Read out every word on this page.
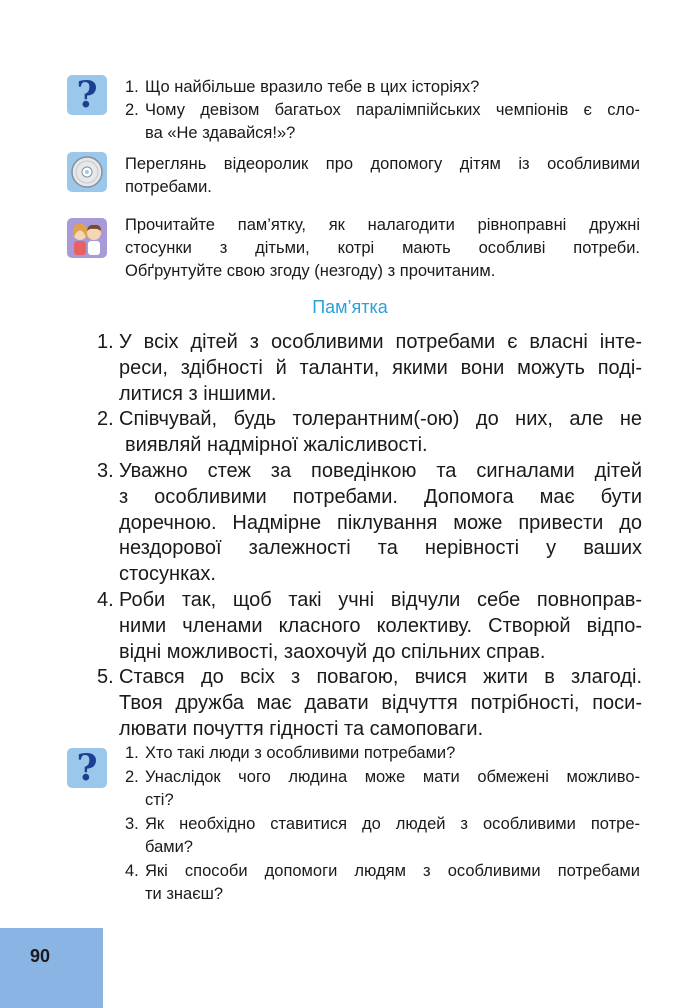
? 1. Що найбільше вразило тебе в цих історіях?
2. Чому девізом багатьох паралімпійських чемпіонів є сло-
ва «Не здавайся!»?
Переглянь відеоролик про допомогу дітям із особливими
потребами.
Прочитайте пам’ятку, як налагодити рівноправні дружні
стосунки з дітьми, котрі мають особливі потреби.
Обґрунтуйте свою згоду (незгоду) з прочитаним.
Пам’ятка
1. У всіх дітей з особливими потребами є власні інте-
реси, здібності й таланти, якими вони можуть поді-
литися з іншими.
2. Співчувай, будь толерантним(-ою) до них, але не
виявляй надмірної жалісливості.
3. Уважно стеж за поведінкою та сигналами дітей
з особливими потребами. Допомога має бути
доречною. Надмірне піклування може привести до
нездорової залежності та нерівності у ваших
стосунках.
4. Роби так, щоб такі учні відчули себе повноправ-
ними членами класного колективу. Створюй відпо-
відні можливості, заохочуй до спільних справ.
5. Стався до всіх з повагою, вчися жити в злагоді.
Твоя дружба має давати відчуття потрібності, поси-
лювати почуття гідності та самоповаги.
? 1. Хто такі люди з особливими потребами?
2. Унаслідок чого людина може мати обмежені можливо-
сті?
3. Як необхідно ставитися до людей з особливими потре-
бами?
4. Які способи допомоги людям з особливими потребами
ти знаєш?
90
